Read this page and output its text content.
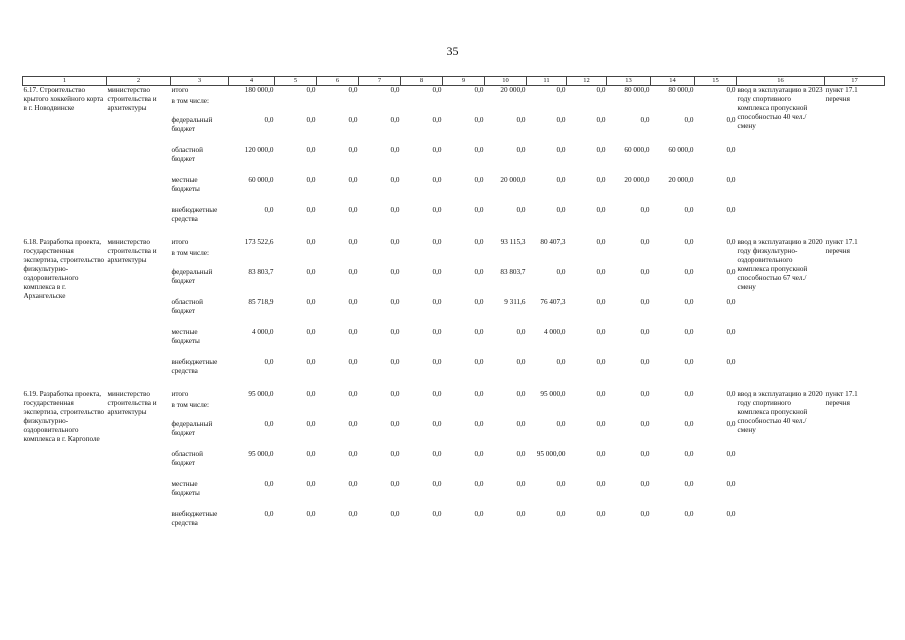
35
1	2	3	4	5	6	7	8	9	10	11	12	13	14	15	16	17
6.17. Строительство крытого хоккейного корта в г. Новодвинске	министерство строительства и архитектуры	итого
в том числе:	180 000,0	0,0	0,0	0,0	0,0	0,0	20 000,0	0,0	0,0	80 000,0	80 000,0	0,0	ввод в эксплуатацию в 2023 году спортивного комплекса пропускной способностью 40 чел./смену	пункт 17.1 перечня

		федеральный бюджет	0,0	0,0	0,0	0,0	0,0	0,0	0,0	0,0	0,0	0,0	0,0	0,0		

		областной бюджет	120 000,0	0,0	0,0	0,0	0,0	0,0	0,0	0,0	0,0	60 000,0	60 000,0	0,0		

		местные бюджеты	60 000,0	0,0	0,0	0,0	0,0	0,0	20 000,0	0,0	0,0	20 000,0	20 000,0	0,0		

		внебюджетные средства	0,0	0,0	0,0	0,0	0,0	0,0	0,0	0,0	0,0	0,0	0,0	0,0		

6.18. Разработка проекта, государственная экспертиза, строительство физкультурно-оздоровительного комплекса в г. Архангельске	министерство строительства и архитектуры	итого
в том числе:	173 522,6	0,0	0,0	0,0	0,0	0,0	93 115,3	80 407,3	0,0	0,0	0,0	0,0	ввод в эксплуатацию в 2020 году физкультурно-оздоровительного комплекса пропускной способностью 67 чел./смену	пункт 17.1 перечня

		федеральный бюджет	83 803,7	0,0	0,0	0,0	0,0	0,0	83 803,7	0,0	0,0	0,0	0,0	0,0		

		областной бюджет	85 718,9	0,0	0,0	0,0	0,0	0,0	9 311,6	76 407,3	0,0	0,0	0,0	0,0		

		местные бюджеты	4 000,0	0,0	0,0	0,0	0,0	0,0	0,0	4 000,0	0,0	0,0	0,0	0,0		

		внебюджетные средства	0,0	0,0	0,0	0,0	0,0	0,0	0,0	0,0	0,0	0,0	0,0	0,0		

6.19. Разработка проекта, государственная экспертиза, строительство физкультурно-оздоровительного комплекса в г. Каргополе	министерство строительства и архитектуры	итого
в том числе:	95 000,0	0,0	0,0	0,0	0,0	0,0	0,0	95 000,0	0,0	0,0	0,0	0,0	ввод в эксплуатацию в 2020 году спортивного комплекса пропускной способностью 40 чел./смену	пункт 17.1 перечня

		федеральный бюджет	0,0	0,0	0,0	0,0	0,0	0,0	0,0	0,0	0,0	0,0	0,0	0,0		

		областной бюджет	95 000,0	0,0	0,0	0,0	0,0	0,0	0,0	95 000,00	0,0	0,0	0,0	0,0		

		местные бюджеты	0,0	0,0	0,0	0,0	0,0	0,0	0,0	0,0	0,0	0,0	0,0	0,0		

		внебюджетные средства	0,0	0,0	0,0	0,0	0,0	0,0	0,0	0,0	0,0	0,0	0,0	0,0		
